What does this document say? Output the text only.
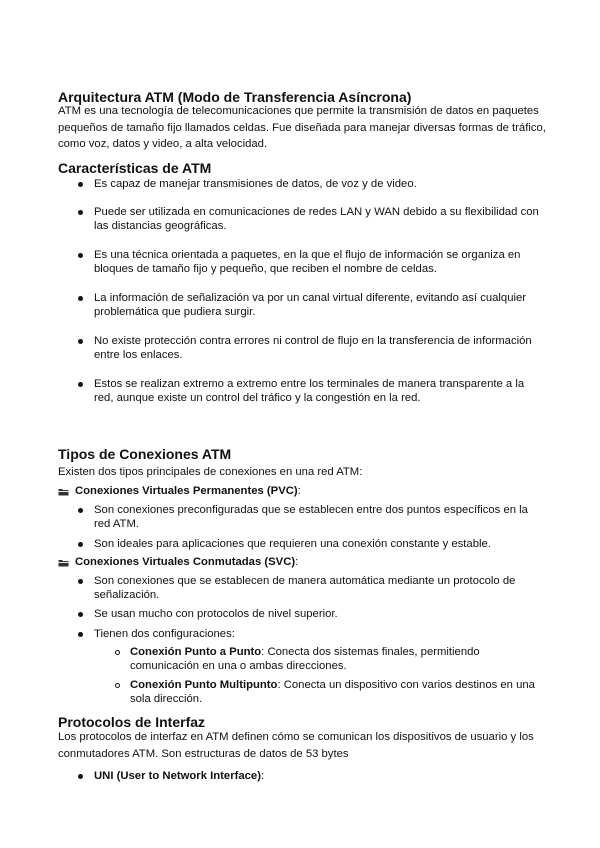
Arquitectura ATM (Modo de Transferencia Asíncrona)

ATM es una tecnología de telecomunicaciones que permite la transmisión de datos en paquetes pequeños de tamaño fijo llamados celdas. Fue diseñada para manejar diversas formas de tráfico, como voz, datos y video, a alta velocidad.

Características de ATM
Es capaz de manejar transmisiones de datos, de voz y de video.
Puede ser utilizada en comunicaciones de redes LAN y WAN debido a su flexibilidad con las distancias geográficas.
Es una técnica orientada a paquetes, en la que el flujo de información se organiza en bloques de tamaño fijo y pequeño, que reciben el nombre de celdas.
La información de señalización va por un canal virtual diferente, evitando así cualquier problemática que pudiera surgir.
No existe protección contra errores ni control de flujo en la transferencia de información entre los enlaces.
Estos se realizan extremo a extremo entre los terminales de manera transparente a la red, aunque existe un control del tráfico y la congestión en la red.
Tipos de Conexiones ATM

Existen dos tipos principales de conexiones en una red ATM:

Conexiones Virtuales Permanentes (PVC):
Son conexiones preconfiguradas que se establecen entre dos puntos específicos en la red ATM.
Son ideales para aplicaciones que requieren una conexión constante y estable.
Conexiones Virtuales Conmutadas (SVC):
Son conexiones que se establecen de manera automática mediante un protocolo de señalización.
Se usan mucho con protocolos de nivel superior.
Tienen dos configuraciones:
Conexión Punto a Punto: Conecta dos sistemas finales, permitiendo comunicación en una o ambas direcciones.
Conexión Punto Multipunto: Conecta un dispositivo con varios destinos en una sola dirección.
Protocolos de Interfaz

Los protocolos de interfaz en ATM definen cómo se comunican los dispositivos de usuario y los conmutadores ATM. Son estructuras de datos de 53 bytes

UNI (User to Network Interface):
